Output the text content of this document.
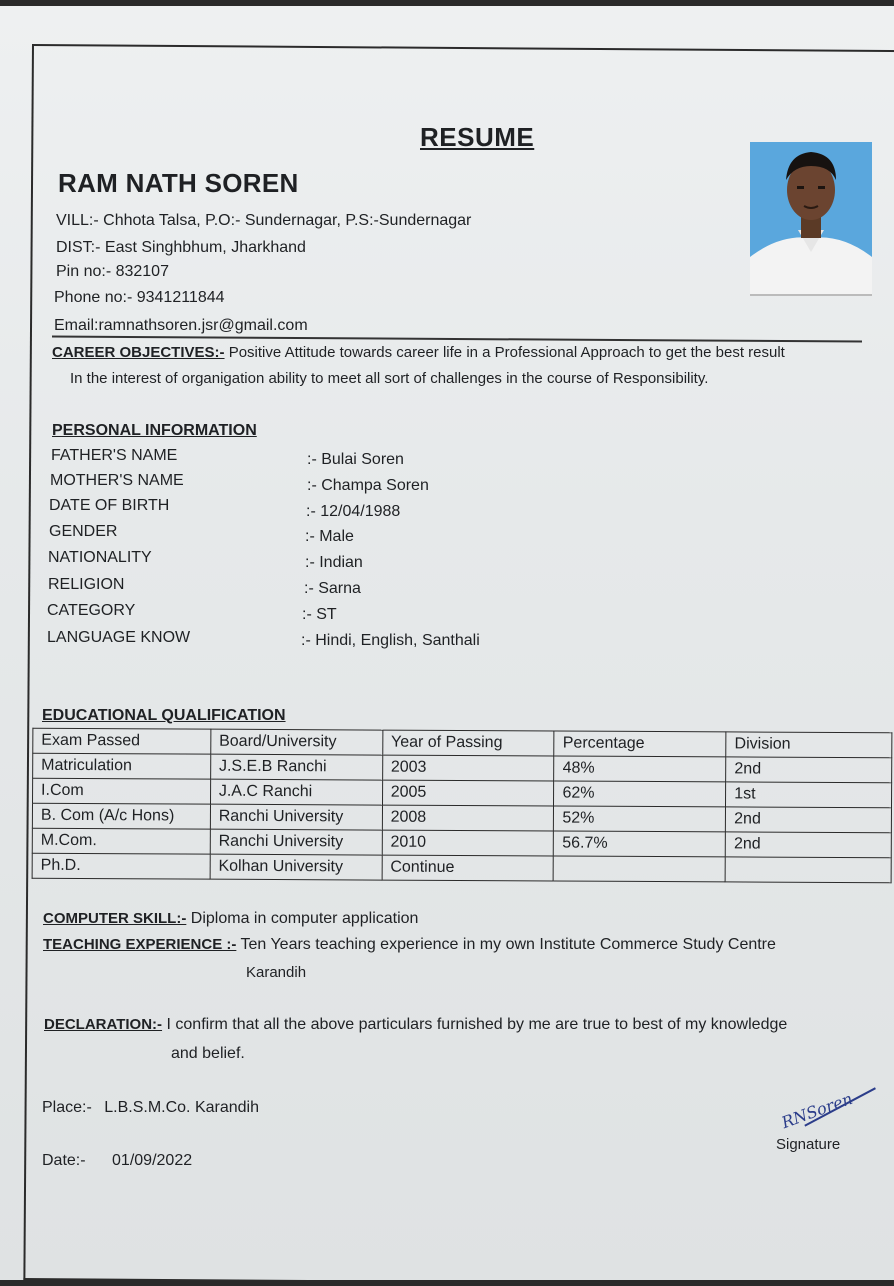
RESUME
RAM NATH SOREN
VILL:- Chhota Talsa, P.O:- Sundernagar, P.S:-Sundernagar
DIST:- East Singhbhum, Jharkhand
Pin no:- 832107
Phone no:- 9341211844
Email:ramnathsoren.jsr@gmail.com
CAREER OBJECTIVES:- Positive Attitude towards career life in a Professional Approach to get the best result
In the interest of organigation ability to meet all sort of challenges in the course of Responsibility.
PERSONAL INFORMATION
FATHER'S NAME	:- Bulai Soren
MOTHER'S NAME	:- Champa Soren
DATE OF BIRTH	:- 12/04/1988
GENDER	:- Male
NATIONALITY	:- Indian
RELIGION	:- Sarna
CATEGORY	:- ST
LANGUAGE KNOW	:- Hindi, English, Santhali
EDUCATIONAL QUALIFICATION
Exam Passed	Board/University	Year of Passing	Percentage	Division
Matriculation	J.S.E.B Ranchi	2003	48%	2nd
I.Com	J.A.C Ranchi	2005	62%	1st
B. Com (A/c Hons)	Ranchi University	2008	52%	2nd
M.Com.	Ranchi University	2010	56.7%	2nd
Ph.D.	Kolhan University	Continue		
COMPUTER SKILL:- Diploma in computer application
TEACHING EXPERIENCE :- Ten Years teaching experience in my own Institute Commerce Study Centre
Karandih
DECLARATION:- I confirm that all the above particulars furnished by me are true to best of my knowledge
and belief.
Place:- L.B.S.M.Co. Karandih
Date:- 01/09/2022
RNSoren
Signature
